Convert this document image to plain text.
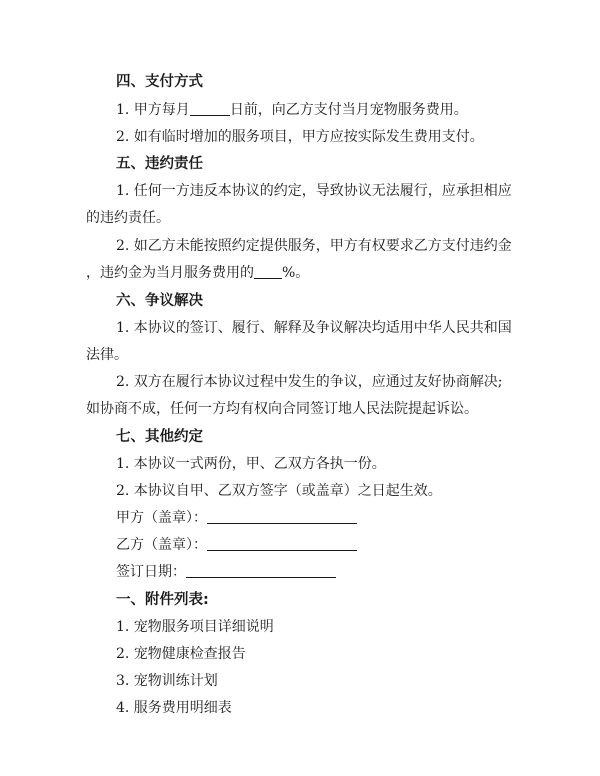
四、支付方式
1. 甲方每月	日前，向乙方支付当月宠物服务费用。
2. 如有临时增加的服务项目，甲方应按实际发生费用支付。
五、违约责任
1. 任何一方违反本协议的约定，导致协议无法履行，应承担相应
的违约责任。
2. 如乙方未能按照约定提供服务，甲方有权要求乙方支付违约金
，违约金为当月服务费用的 %。
六、争议解决
1. 本协议的签订、履行、解释及争议解决均适用中华人民共和国
法律。
2. 双方在履行本协议过程中发生的争议，应通过友好协商解决;
如协商不成，任何一方均有权向合同签订地人民法院提起诉讼。
七、其他约定
1. 本协议一式两份，甲、乙双方各执一份。
2. 本协议自甲、乙双方签字（或盖章）之日起生效。
甲方（盖章）：
乙方（盖章）：
签订日期：
一、附件列表:
1. 宠物服务项目详细说明
2. 宠物健康检查报告
3. 宠物训练计划
4. 服务费用明细表
